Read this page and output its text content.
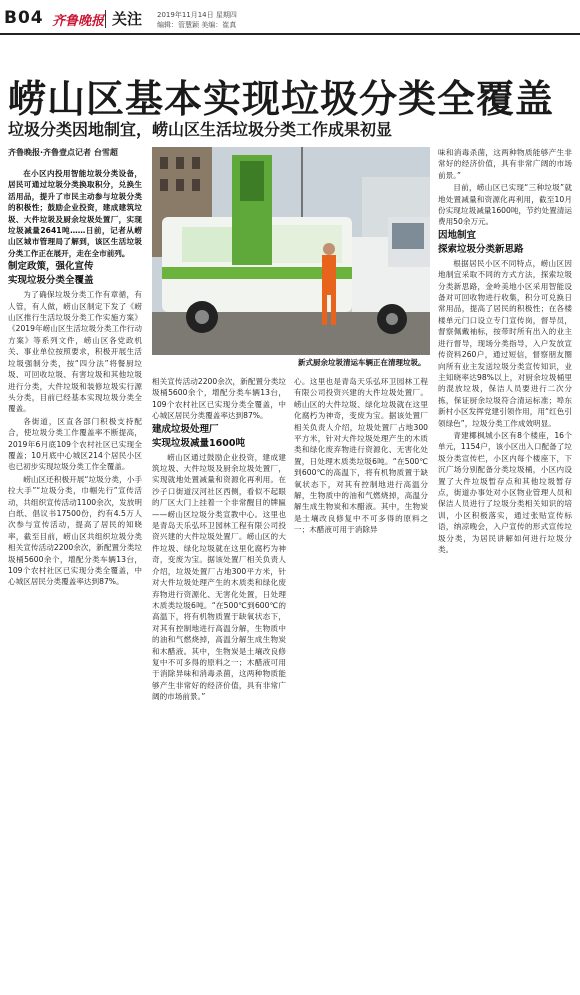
B04 齐鲁晚报 关注 2019年11月14日 星期四
编辑：管慧颖 美编：崔真
崂山区基本实现垃圾分类全覆盖
垃圾分类因地制宜，崂山区生活垃圾分类工作成果初显
齐鲁晚报·齐鲁壹点记者 台雪超

在小区内投用智能垃圾分类设备，居民可通过垃圾分类换取积分，兑换生活用品，提升了市民主动参与垃圾分类的积极性；鼓励企业投资，建成建筑垃圾、大件垃圾及厨余垃圾处置厂，实现垃圾减量2641吨……日前，记者从崂山区城市管理局了解到，该区生活垃圾分类工作正在展开，走在全市前列。

制定政策，强化宣传
实现垃圾分类全覆盖

为了确保垃圾分类工作有章循，有人管，有人做，崂山区制定下发了《崂山区推行生活垃圾分类工作实施方案》《2019年崂山区生活垃圾分类工作行动方案》等系列文件，崂山区各党政机关、事业单位按照要求，积极开展生活垃圾强制分类，按“四分法”将餐厨垃圾、可回收垃圾、有害垃圾和其他垃圾进行分类，大件垃圾和装修垃圾实行源头分类，目前已经基本实现垃圾分类全覆盖。

各街道，区直各部门积极支持配合，使垃圾分类工作覆盖率不断提高，2019年6月底109个农村社区已实现全覆盖；10月底中心城区214个居民小区也已初步实现垃圾分类工作全覆盖。

崂山区还积极开展“垃圾分类，小手拉大手”“垃圾分类，巾帼先行”宣传活动，共组织宣传活动1100余次，发放明白纸、倡议书17500份，约有4.5万人次参与宣传活动，提高了居民的知晓率，截至目前，崂山区共组织垃圾分类相关宣传活动2200余次，新配置分类垃圾桶5600余个，增配分类车辆13台，109个农村社区已实现分类全覆盖，中心城区居民分类覆盖率达到87%。

新式厨余垃圾清运车辆正在清理垃圾。

相关宣传活动2200余次，新配置分类垃圾桶5600余个，增配分类车辆13台，109个农村社区已实现分类全覆盖，中心城区居民分类覆盖率达到87%。

建成垃圾处理厂
实现垃圾减量1600吨

崂山区通过鼓励企业投资，建成建筑垃圾、大件垃圾及厨余垃圾处置厂，实现就地处置减量和资源化再利用。在沙子口街道汉河社区西侧，看似不起眼的厂区大门上挂着一个非常醒目的牌匾——崂山区垃圾分类宣教中心。这里也是青岛天乐弘环卫园林工程有限公司投资兴建的大件垃圾处置厂。崂山区的大件垃圾、绿化垃圾就在这里化腐朽为神奇，变废为宝。据该处置厂相关负责人介绍，垃圾处置厂占地300平方米，针对大件垃圾处理产生的木质类和绿化废弃物进行资源化、无害化处置，日处理木质类垃圾6吨。“在500℃到600℃的高温下，将有机物质置于缺氧状态下，对其有控制地进行高温分解，生物质中的油和气燃烧掉，高温分解生成生物炭和木醋液。其中，生物炭是土壤改良修复中不可多得的原料之一；木醋液可用于消除异味和消毒杀菌，这两种物质能够产生非常好的经济价值，具有非常广阔的市场前景。”

心。这里也是青岛天乐弘环卫园林工程有限公司投资兴建的大件垃圾处置厂。崂山区的大件垃圾、绿化垃圾就在这里化腐朽为神奇，变废为宝。据该处置厂相关负责人介绍，垃圾处置厂占地300平方米，针对大件垃圾处理产生的木质类和绿化废弃物进行资源化、无害化处置，日处理木质类垃圾6吨。“在500℃到600℃的高温下，将有机物质置于缺氧状态下，对其有控制地进行高温分解，生物质中的油和气燃烧掉，高温分解生成生物炭和木醋液。其中，生物炭是土壤改良修复中不可多得的原料之一；木醋液可用于消除异

味和消毒杀菌，这两种物质能够产生非常好的经济价值，具有非常广阔的市场前景。”

目前，崂山区已实现“三种垃圾”就地处置减量和资源化再利用，截至10月份实现垃圾减量1600吨，节约处置清运费用50余万元。

因地制宜
探索垃圾分类新思路

根据居民小区不同特点，崂山区因地制宜采取不同的方式方法，探索垃圾分类新思路，金岭美地小区采用智能设备对可回收物进行收集，积分可兑换日常用品，提高了居民的积极性；在各楼楼单元门口设立专门宣传岗，督导员，督察佩戴袖标，按带时所有出入的业主进行督导，现场分类指导，入户发放宣传资料260户，通过短信，督察朋友圈向所有业主发送垃圾分类宣传知识，业主知晓率达98%以上，对厨余垃圾桶里的混放垃圾，保洁人员要进行二次分拣，保证厨余垃圾符合清运标准；埠东新村小区发挥党建引领作用，用“红色引领绿色”，垃圾分类工作成效明显。

青建椰枫城小区有8个楼座，16个单元，1154户，该小区出入口配备了垃圾分类宣传栏，小区内每个楼座下，下沉广场分别配备分类垃圾桶，小区内设置了大件垃圾暂存点和其他垃圾暂存点，街道办事处对小区物业管理人员和保洁人员进行了垃圾分类相关知识的培训，小区积极落实，通过张贴宣传标语，纳凉晚会，入户宣传的形式宣传垃圾分类，为居民讲解如何进行垃圾分类。
